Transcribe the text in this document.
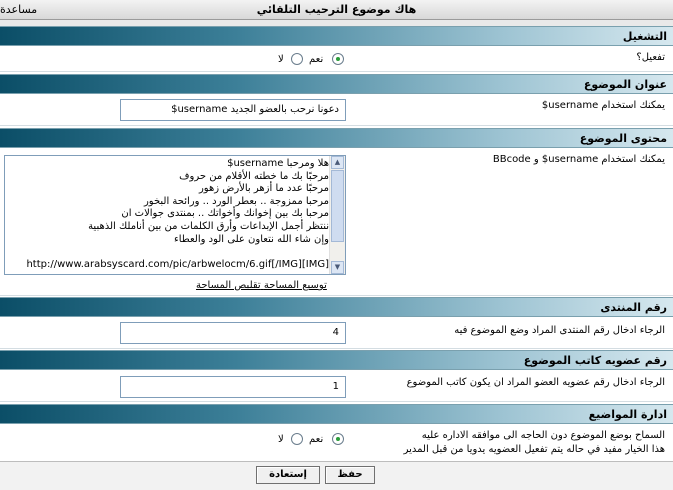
مساعدة	هاك موضوع الترحيب التلقائي
التشغيل
تفعيل؟
نعم
لا
عنوان الموضوع
يمكنك استخدام username$
دعونا نرحب بالعضو الجديد username$
محتوى الموضوع
يمكنك استخدام username$ و BBcode
هلا ومرحبا username$
مرحبًا بك ما خطته الأقلام من حروف
مرحبًا عدد ما أزهر بالأرض زهور
مرحبا ممزوجة .. بعطر الورد .. ورائحة البخور
مرحبا بك بين إخوانك وأخواتك .. بمنتدى جوالات ان
ننتظر أجمل الإبداعات وأرق الكلمات من بين أناملك الذهبية
وإن شاء الله نتعاون على الود والعطاء
[IMG]http://www.arabsyscard.com/pic/arbwelocm/6.gif[/IMG]
▲
▼
توسيع المساحة تقليص المساحة
رقم المنتدى
الرجاء ادخال رقم المنتدى المراد وضع الموضوع فيه
4
رقم عضويه كاتب الموضوع
الرجاء ادخال رقم عضويه العضو المراد ان يكون كاتب الموضوع
1
ادارة المواضيع
السماح بوضع الموضوع دون الحاجه الى موافقه الاداره عليه
هذا الخيار مفيد في حاله يتم تفعيل العضويه يدويا من قبل المدير
نعم
لا
حفظ
إستعادة
